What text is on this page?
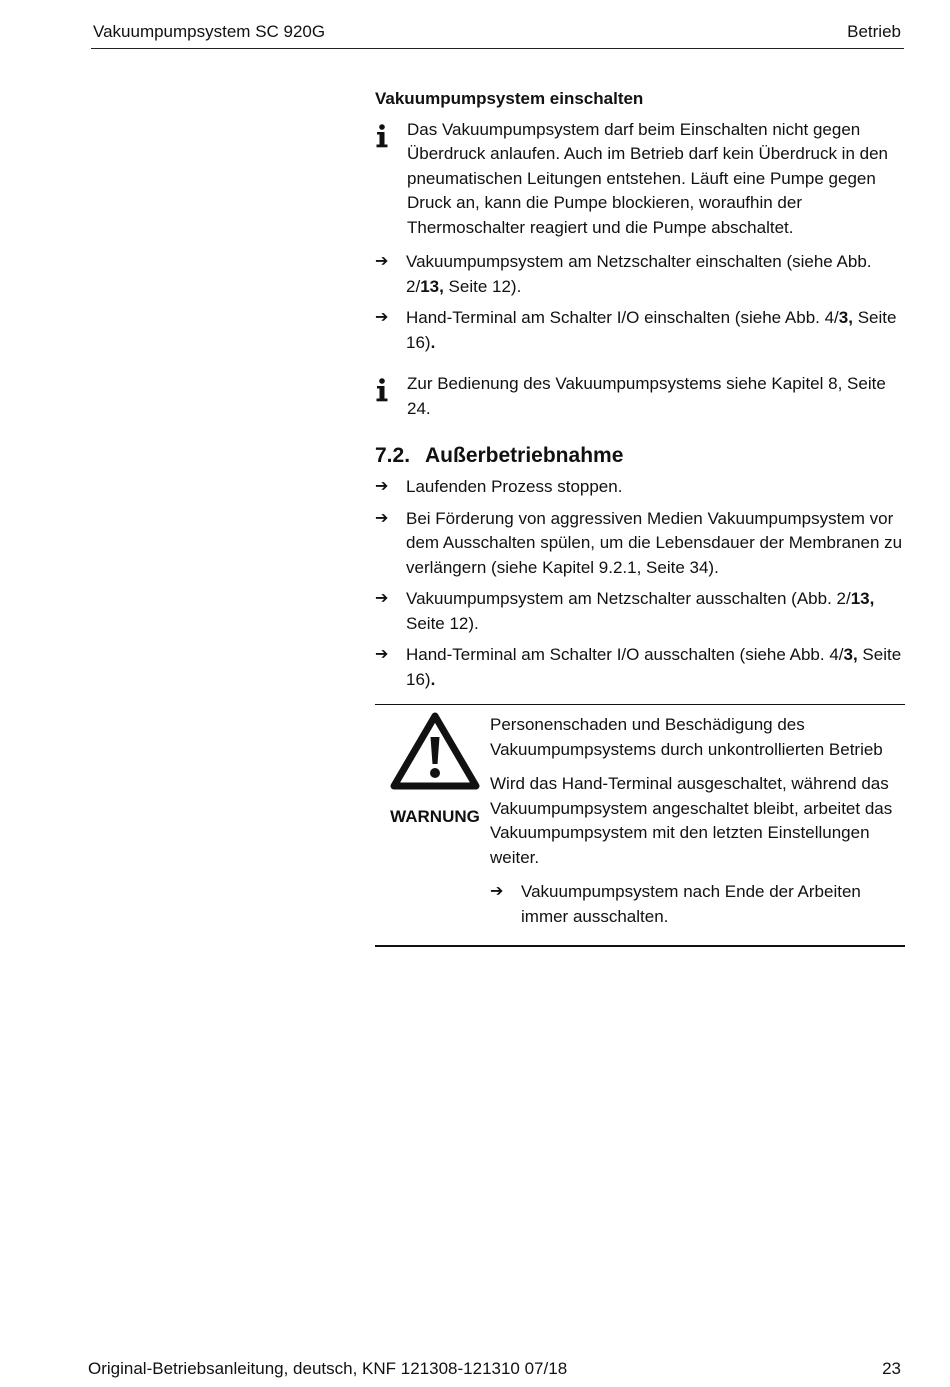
Vakuumpumpsystem SC 920G	Betrieb
Vakuumpumpsystem einschalten
Das Vakuumpumpsystem darf beim Einschalten nicht gegen Überdruck anlaufen. Auch im Betrieb darf kein Überdruck in den pneumatischen Leitungen entstehen. Läuft eine Pumpe gegen Druck an, kann die Pumpe blockieren, woraufhin der Thermoschalter reagiert und die Pumpe abschaltet.
➔ Vakuumpumpsystem am Netzschalter einschalten (siehe Abb. 2/13, Seite 12).
➔ Hand-Terminal am Schalter I/O einschalten (siehe Abb. 4/3, Seite 16).
Zur Bedienung des Vakuumpumpsystems siehe Kapitel 8, Seite 24.
7.2. Außerbetriebnahme
➔ Laufenden Prozess stoppen.
➔ Bei Förderung von aggressiven Medien Vakuumpumpsystem vor dem Ausschalten spülen, um die Lebensdauer der Membranen zu verlängern (siehe Kapitel 9.2.1, Seite 34).
➔ Vakuumpumpsystem am Netzschalter ausschalten (Abb. 2/13, Seite 12).
➔ Hand-Terminal am Schalter I/O ausschalten (siehe Abb. 4/3, Seite 16).
WARNUNG

Personenschaden und Beschädigung des Vakuumpumpsystems durch unkontrollierten Betrieb

Wird das Hand-Terminal ausgeschaltet, während das Vakuumpumpsystem angeschaltet bleibt, arbeitet das Vakuumpumpsystem mit den letzten Einstellungen weiter.

➔ Vakuumpumpsystem nach Ende der Arbeiten immer ausschalten.
Original-Betriebsanleitung, deutsch, KNF 121308-121310 07/18	23
